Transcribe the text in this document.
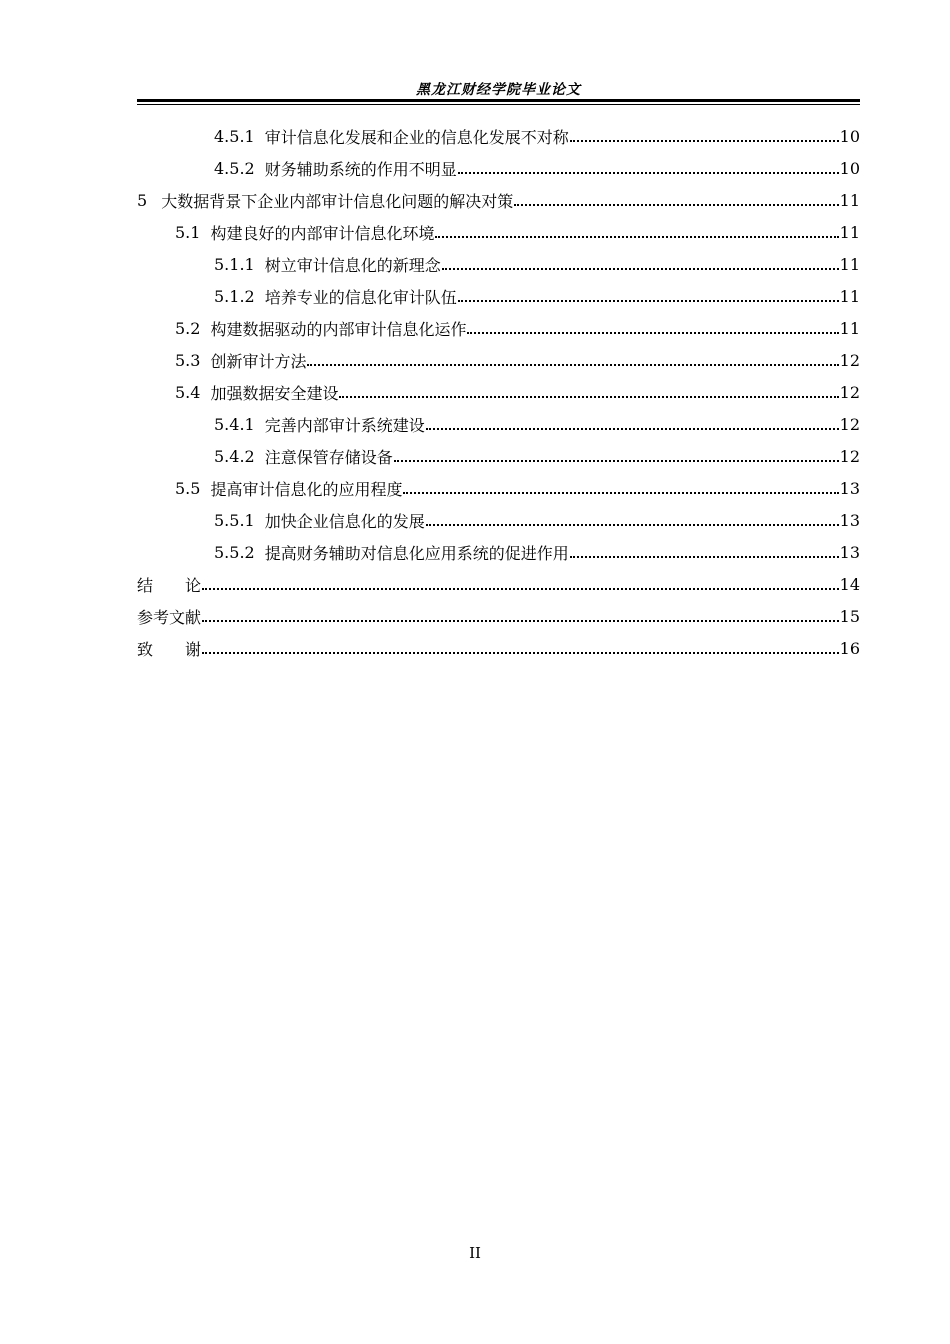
黑龙江财经学院毕业论文
4.5.1 审计信息化发展和企业的信息化发展不对称	10
4.5.2 财务辅助系统的作用不明显	10
5 大数据背景下企业内部审计信息化问题的解决对策	11
5.1 构建良好的内部审计信息化环境	11
5.1.1 树立审计信息化的新理念	11
5.1.2 培养专业的信息化审计队伍	11
5.2 构建数据驱动的内部审计信息化运作	11
5.3 创新审计方法	12
5.4 加强数据安全建设	12
5.4.1 完善内部审计系统建设	12
5.4.2 注意保管存储设备	12
5.5 提高审计信息化的应用程度	13
5.5.1 加快企业信息化的发展	13
5.5.2 提高财务辅助对信息化应用系统的促进作用	13
结　　论	14
参考文献	15
致　　谢	16
II
